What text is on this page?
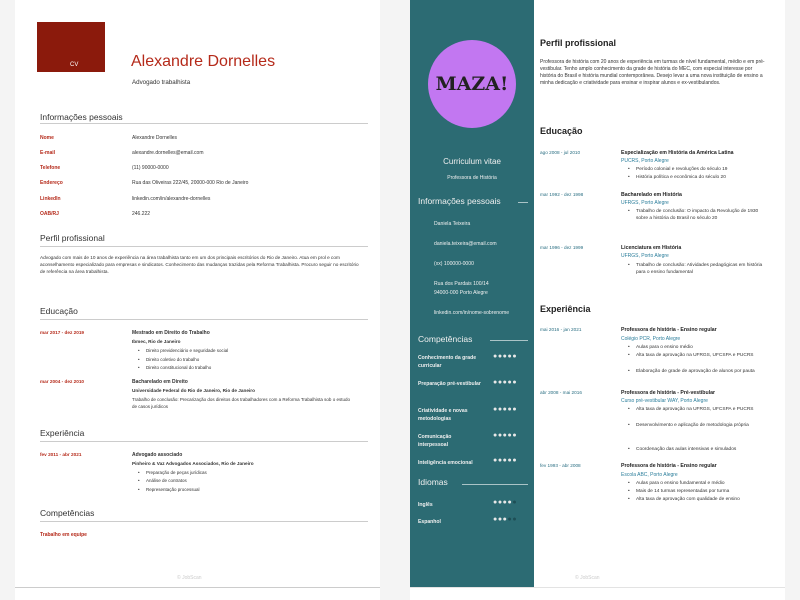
CV	Alexandre Dornelles
Advogado trabalhista
Informações pessoais
Nome	Alexandre Dornelles
E-mail	alexandre.dornelles@email.com
Telefone	(11) 90000-0000
Endereço	Rua das Oliveiras 222/45, 20000-000 Rio de Janeiro
LinkedIn	linkedin.com/in/alexandre-dornelles
OAB/RJ	246.222
Perfil profissional
Advogado com mais de 10 anos de experiência na área trabalhista tanto em um dos principais escritórios do Rio de Janeiro. Atua em prol e com aconselhamento especializado para empresas e sindicatos. Conhecimento das mudanças trazidas pela Reforma Trabalhista. Procuro seguir no escritório de referência na área trabalhista.
Educação
mar 2017 - dez 2019	Mestrado em Direito do Trabalho
Ibmec, Rio de Janeiro
• Direito previdenciário e seguridade social
• Direito coletivo do trabalho
• Direito constitucional do trabalho
mar 2004 - dez 2010	Bacharelado em Direito
Universidade Federal do Rio de Janeiro, Rio de Janeiro
Trabalho de conclusão: Precarização dos direitos dos trabalhadores com a Reforma Trabalhista sob o estudo de casos jurídicos
Experiência
fev 2011 - abr 2021	Advogado associado
Pinheiro & Vaz Advogados Associados, Rio de Janeiro
• Preparação de peças jurídicas
• Análise de contratos
• Representação processual
Competências
Trabalho em equipe
© JobScan
MAZA!
Curriculum vitae
Professora de História
Informações pessoais
Daniela Teixeira
daniela.teixeira@email.com
(xx) 100000-0000
Rua dos Pardais 100/14
94000-000 Porto Alegre
linkedin.com/in/nome-sobrenome
Competências
Conhecimento da grade curricular
●●●●●
Preparação pré-vestibular ●●●●●
Criatividade e novas metodologias
●●●●●
Comunicação interpessoal
●●●●●
Inteligência emocional	●●●●●
Idiomas
Inglês	●●●●●
Espanhol	●●●●●
Perfil profissional
Professora de história com 20 anos de experiência em turmas de nível fundamental, médio e em pré-vestibular. Tenho amplo conhecimento da grade de história do MEC, com especial interesse por história do Brasil e história mundial contemporânea. Desejo levar a uma nova instituição de ensino a minha dedicação e criatividade para ensinar e inspirar alunos e ex-vestibulandos.
Educação
ago 2008 - jul 2010	Especialização em História da América Latina
PUCRS, Porto Alegre
• Período colonial e revoluções do século 19
• História política e econômica do século 20
mar 1992 - dez 1998	Bacharelado em História
UFRGS, Porto Alegre
• Trabalho de conclusão: O impacto da Revolução de 1930 sobre a história do Brasil no século 20
mar 1996 - dez 1999	Licenciatura em História
UFRGS, Porto Alegre
• Trabalho de conclusão: Atividades pedagógicas em história para o ensino fundamental
Experiência
mai 2016 - jan 2021	Professora de história - Ensino regular
Colégio PCR, Porto Alegre
• Aulas para o ensino médio
• Alta taxa de aprovação na UFRGS, UFCSPA e PUCRS
• Elaboração de grade de aprovação de alunos por pauta
abr 2008 - mai 2016	Professora de história - Pré-vestibular
Curso pré-vestibular WAY, Porto Alegre
• Alta taxa de aprovação na UFRGS, UFCSPA e PUCRS
• Desenvolvimento e aplicação de metodologia própria
• Coordenação das aulas intensivas e simulados
fev 1993 - abr 2008	Professora de história - Ensino regular
Escola ABC, Porto Alegre
• Aulas para o ensino fundamental e médio
• Mais de 14 turmas representadas por turma
• Alta taxa de aprovação com qualidade de ensino
© JobScan
